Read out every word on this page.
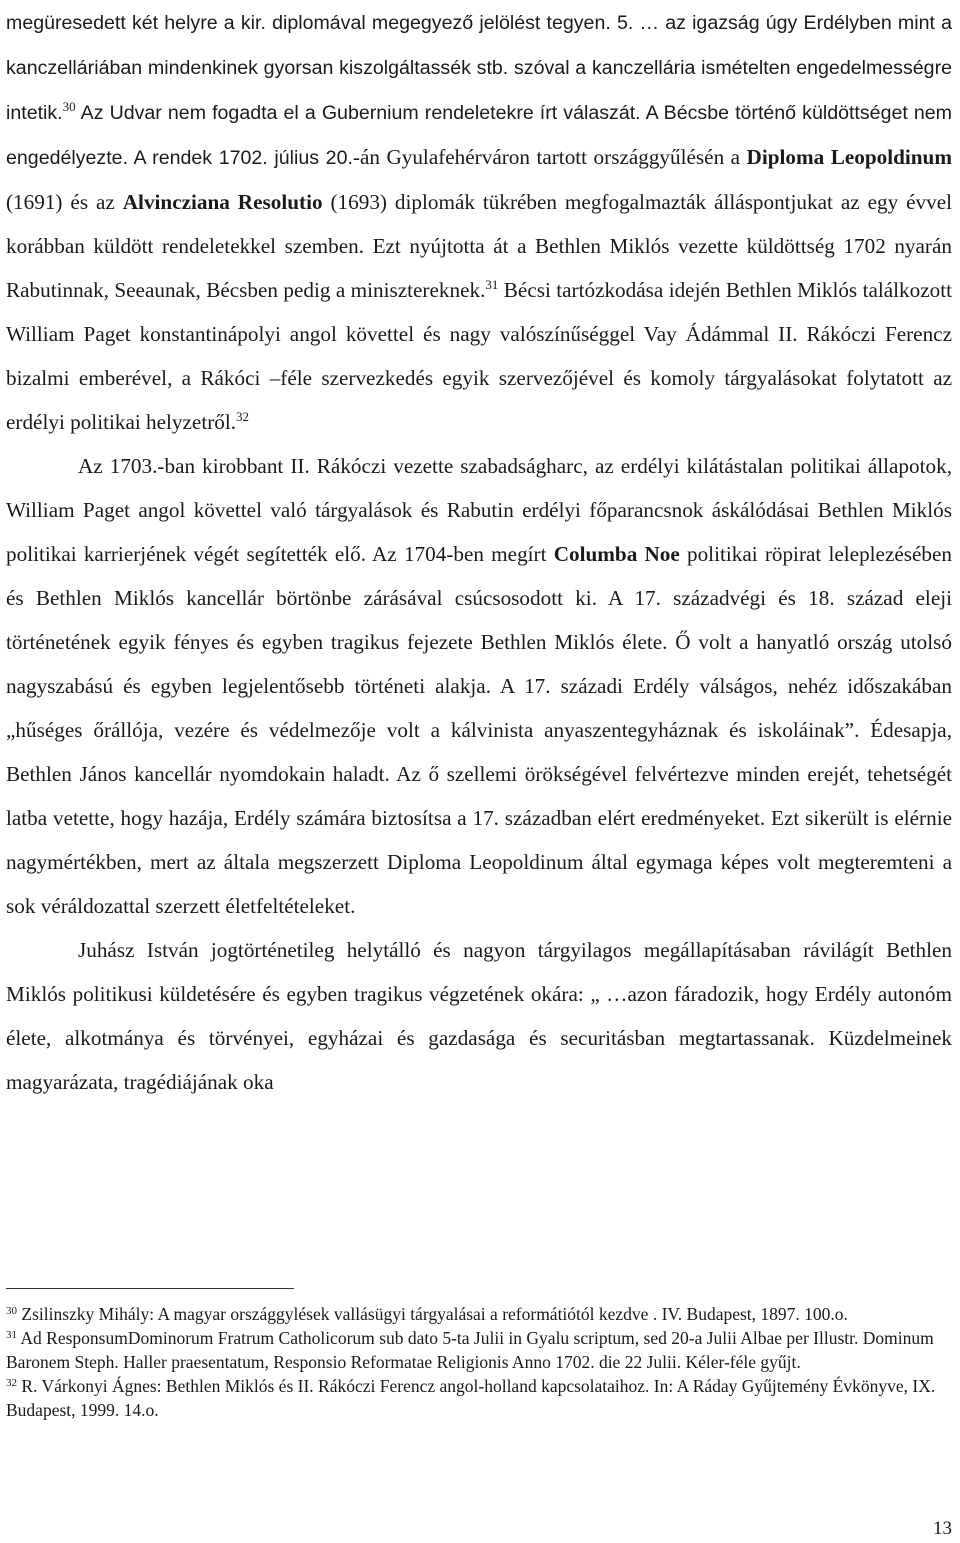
megüresedett két helyre a kir. diplomával megegyező jelölést tegyen. 5. … az igazság úgy Erdélyben mint a kanczelláriában mindenkinek gyorsan kiszolgáltassék stb. szóval a kanczellária ismételten engedelmességre intetik.$^{30}$ Az Udvar nem fogadta el a Gubernium rendeletekre írt válaszát. A Bécsbe történő küldöttséget nem engedélyezte. A rendek 1702. július 20.-án Gyulafehérváron tartott országgyűlésén a Diploma Leopoldinum (1691) és az Alvincziana Resolutio (1693) diplomák tükrében megfogalmazták álláspontjukat az egy évvel korábban küldött rendeletekkel szemben. Ezt nyújtotta át a Bethlen Miklós vezette küldöttség 1702 nyarán Rabutinnak, Seeaunak, Bécsben pedig a minisztereknek.$^{31}$ Bécsi tartózkodása idején Bethlen Miklós találkozott William Paget konstantinápolyi angol követtel és nagy valószínűséggel Vay Ádámmal II. Rákóczi Ferencz bizalmi emberével, a Rákóci –féle szervezkedés egyik szervezőjével és komoly tárgyalásokat folytatott az erdélyi politikai helyzetről.$^{32}$

Az 1703.-ban kirobbant II. Rákóczi vezette szabadságharc, az erdélyi kilátástalan politikai állapotok, William Paget angol követtel való tárgyalások és Rabutin erdélyi főparancsnok áskálódásai Bethlen Miklós politikai karrierjének végét segítették elő. Az 1704-ben megírt Columba Noe politikai röpirat leleplezésében és Bethlen Miklós kancellár börtönbe zárásával csúcsosodott ki. A 17. századvégi és 18. század eleji történetének egyik fényes és egyben tragikus fejezete Bethlen Miklós élete. Ő volt a hanyatló ország utolsó nagyszabású és egyben legjelentősebb történeti alakja. A 17. századi Erdély válságos, nehéz időszakában „hűséges őrállója, vezére és védelmezője volt a kálvinista anyaszentegyháznak és iskoláinak”. Édesapja, Bethlen János kancellár nyomdokain haladt. Az ő szellemi örökségével felvértezve minden erejét, tehetségét latba vetette, hogy hazája, Erdély számára biztosítsa a 17. században elért eredményeket. Ezt sikerült is elérnie nagymértékben, mert az általa megszerzett Diploma Leopoldinum által egymaga képes volt megteremteni a sok véráldozattal szerzett életfeltételeket.

Juhász István jogtörténetileg helytálló és nagyon tárgyilagos megállapításaban rávilágít Bethlen Miklós politikusi küldetésére és egyben tragikus végzetének okára: „ …azon fáradozik, hogy Erdély autonóm élete, alkotmánya és törvényei, egyházai és gazdasága és securitásban megtartassanak. Küzdelmeinek magyarázata, tragédiájának oka

$^{30}$ Zsilinszky Mihály: A magyar országgylések vallásügyi tárgyalásai a reformátiótól kezdve . IV. Budapest, 1897. 100.o.

$^{31}$ Ad ResponsumDominorum Fratrum Catholicorum sub dato 5-ta Julii in Gyalu scriptum, sed 20-a Julii Albae per Illustr. Dominum Baronem Steph. Haller praesentatum, Responsio Reformatae Religionis Anno 1702. die 22 Julii. Kéler-féle gyűjt.

$^{32}$ R. Várkonyi Ágnes: Bethlen Miklós és II. Rákóczi Ferencz angol-holland kapcsolataihoz. In: A Ráday Gyűjtemény Évkönyve, IX. Budapest, 1999. 14.o.

13
